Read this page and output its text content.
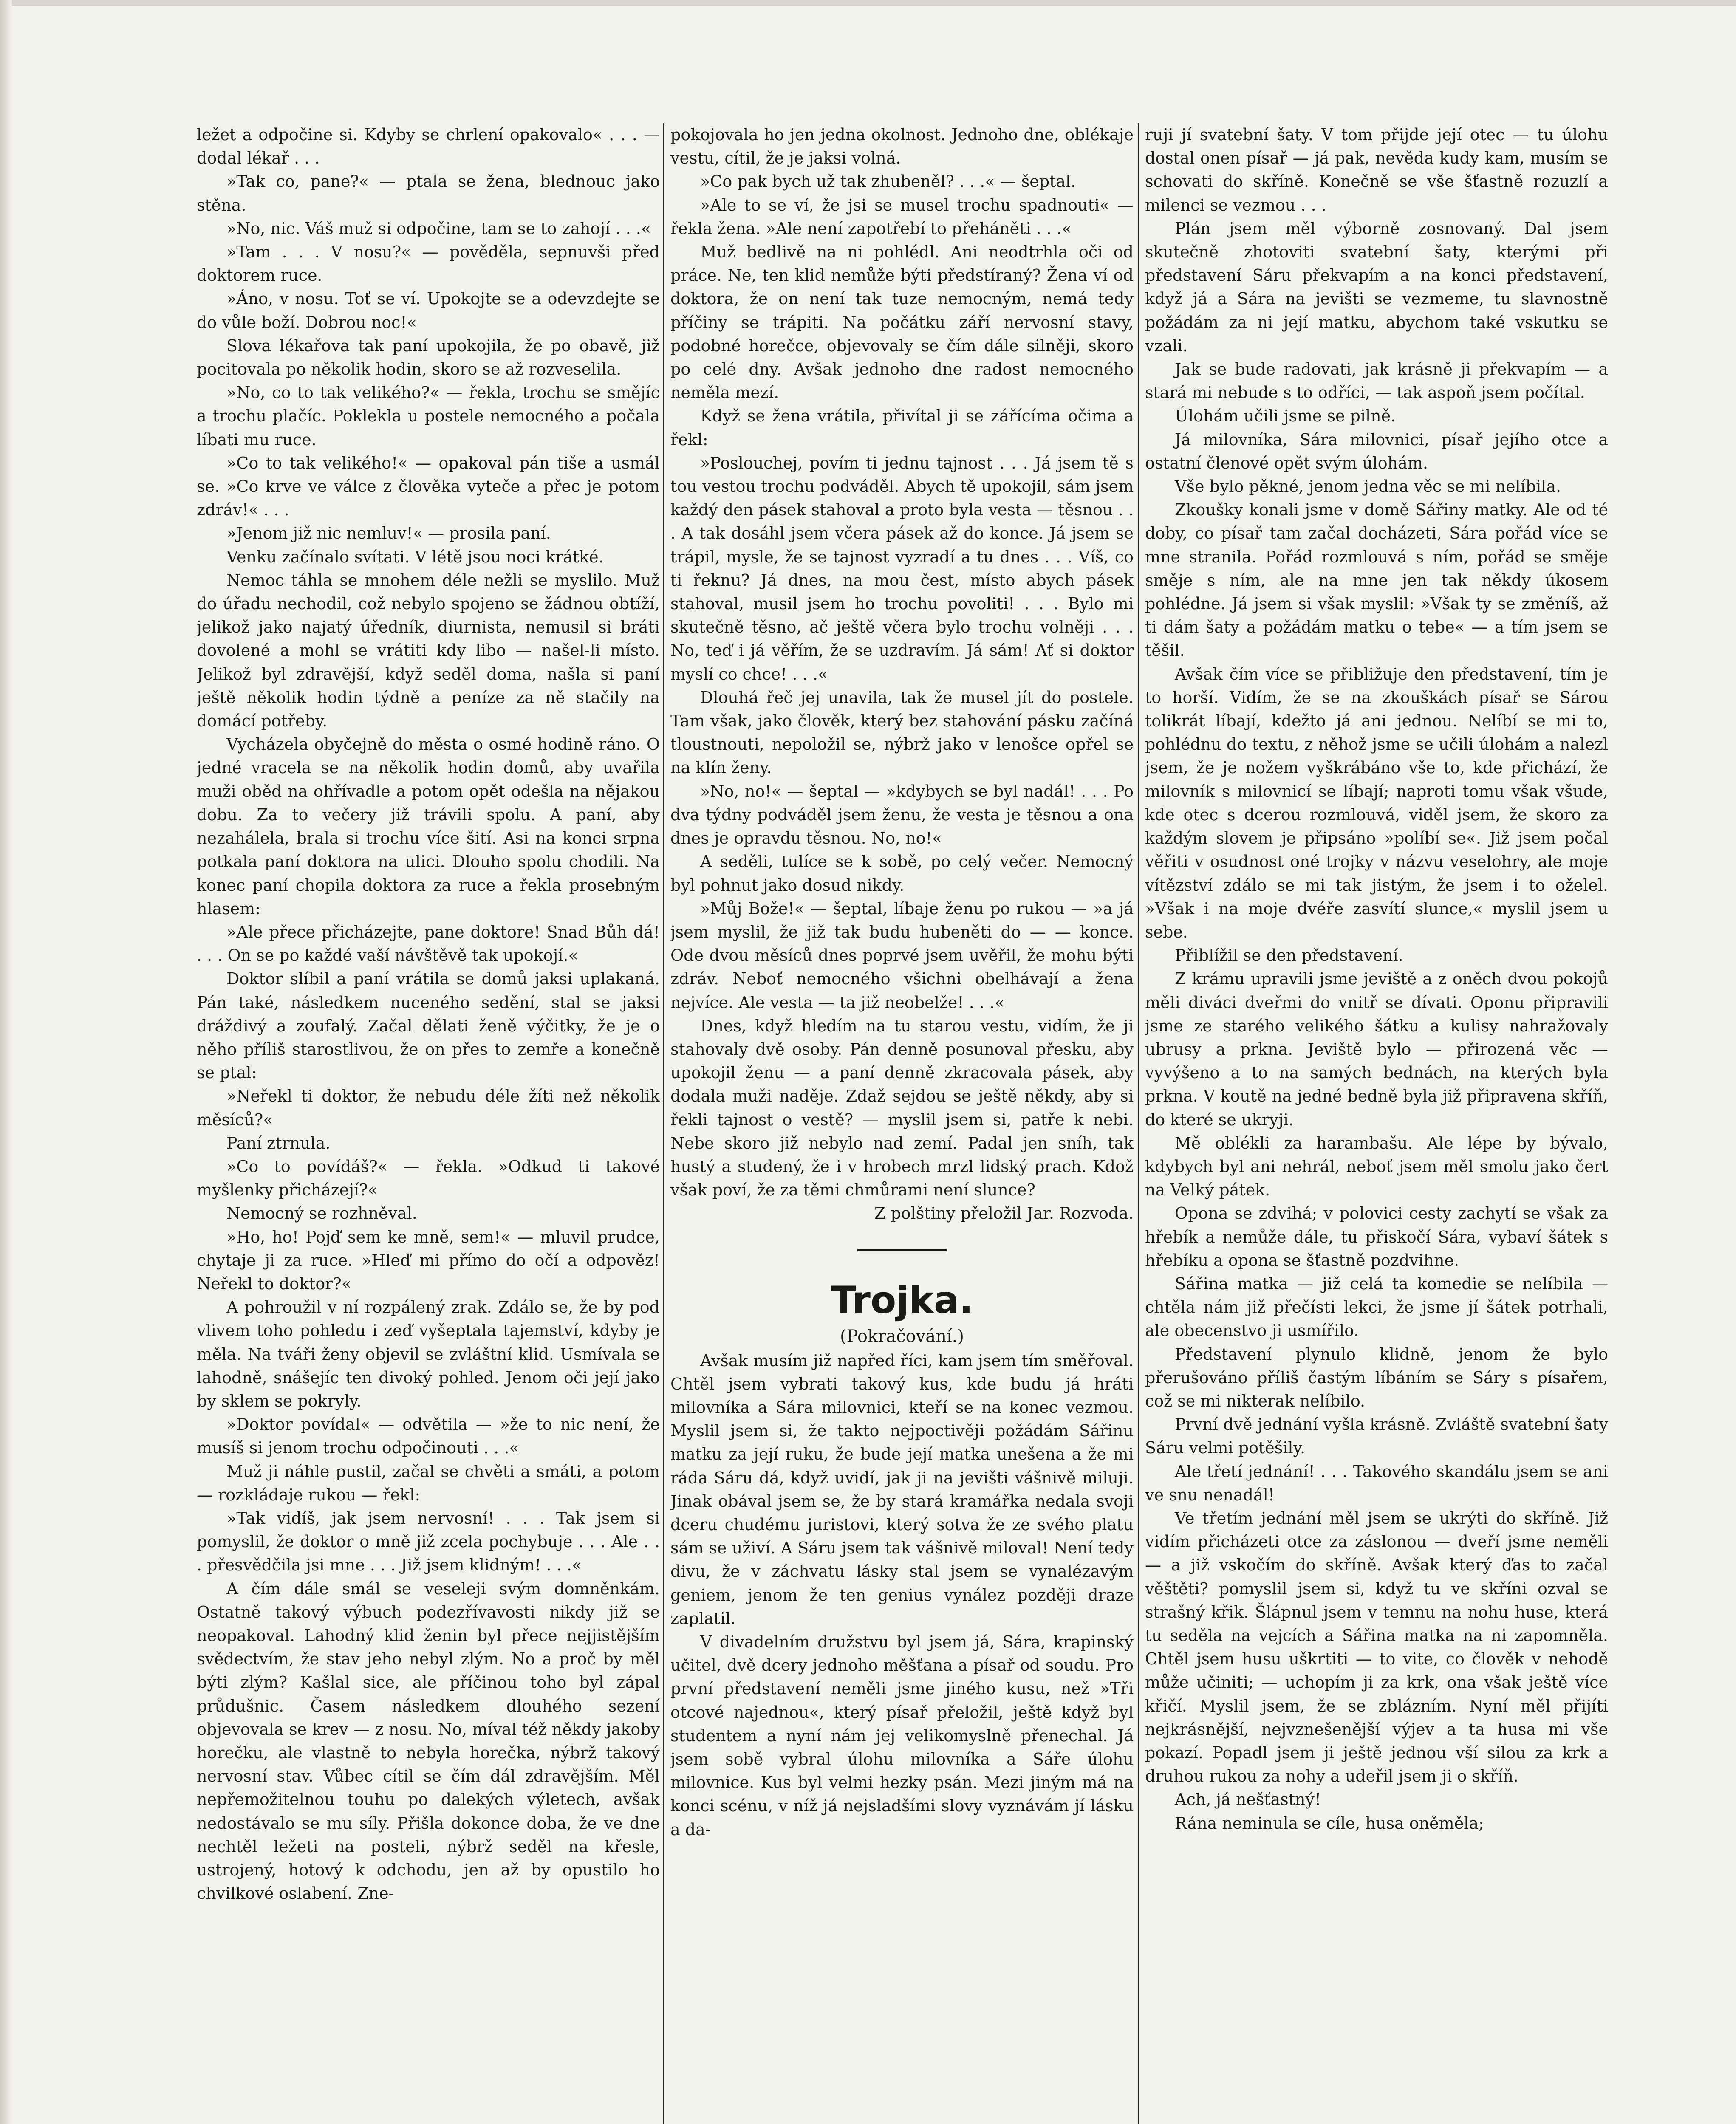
ležet a odpočine si. Kdyby se chrlení opakovalo« . . . — dodal lékař . . .

»Tak co, pane?« — ptala se žena, blednouc jako stěna.

»No, nic. Váš muž si odpočine, tam se to zahojí . . .«

»Tam . . . V nosu?« — pověděla, sepnuvši před doktorem ruce.

»Áno, v nosu. Toť se ví. Upokojte se a odevzdejte se do vůle boží. Dobrou noc!«

Slova lékařova tak paní upokojila, že po obavě, již pocitovala po několik hodin, skoro se až rozveselila.

»No, co to tak velikého?« — řekla, trochu se smějíc a trochu plačíc. Poklekla u postele nemocného a počala líbati mu ruce.

»Co to tak velikého!« — opakoval pán tiše a usmál se. »Co krve ve válce z člověka vyteče a přec je potom zdráv!« . . .

»Jenom již nic nemluv!« — prosila paní.

Venku začínalo svítati. V létě jsou noci krátké.

Nemoc táhla se mnohem déle nežli se myslilo. Muž do úřadu nechodil, což nebylo spojeno se žádnou obtíží, jelikož jako najatý úředník, diurnista, nemusil si bráti dovolené a mohl se vrátiti kdy libo — našel-li místo. Jelikož byl zdravější, když seděl doma, našla si paní ještě několik hodin týdně a peníze za ně stačily na domácí potřeby.

Vycházela obyčejně do města o osmé hodině ráno. O jedné vracela se na několik hodin domů, aby uvařila muži oběd na ohřívadle a potom opět odešla na nějakou dobu. Za to večery již trávili spolu. A paní, aby nezahálela, brala si trochu více šití. Asi na konci srpna potkala paní doktora na ulici. Dlouho spolu chodili. Na konec paní chopila doktora za ruce a řekla prosebným hlasem:

»Ale přece přicházejte, pane doktore! Snad Bůh dá! . . . On se po každé vaší návštěvě tak upokojí.«

Doktor slíbil a paní vrátila se domů jaksi uplakaná. Pán také, následkem nuceného sedění, stal se jaksi dráždivý a zoufalý. Začal dělati ženě výčitky, že je o něho příliš starostlivou, že on přes to zemře a konečně se ptal:

»Neřekl ti doktor, že nebudu déle žíti než několik měsíců?«

Paní ztrnula.

»Co to povídáš?« — řekla. »Odkud ti takové myšlenky přicházejí?«

Nemocný se rozhněval.

»Ho, ho! Pojď sem ke mně, sem!« — mluvil prudce, chytaje ji za ruce. »Hleď mi přímo do očí a odpověz! Neřekl to doktor?«

A pohroužil v ní rozpálený zrak. Zdálo se, že by pod vlivem toho pohledu i zeď vyšeptala tajemství, kdyby je měla. Na tváři ženy objevil se zvláštní klid. Usmívala se lahodně, snášejíc ten divoký pohled. Jenom oči její jako by sklem se pokryly.

»Doktor povídal« — odvětila — »že to nic není, že musíš si jenom trochu odpočinouti . . .«

Muž ji náhle pustil, začal se chvěti a smáti, a potom — rozkládaje rukou — řekl:

»Tak vidíš, jak jsem nervosní! . . . Tak jsem si pomyslil, že doktor o mně již zcela pochybuje . . . Ale . . . přesvědčila jsi mne . . . Již jsem klidným! . . .«

A čím dále smál se veseleji svým domněnkám. Ostatně takový výbuch podezřívavosti nikdy již se neopakoval. Lahodný klid ženin byl přece nejjistějším svědectvím, že stav jeho nebyl zlým. No a proč by měl býti zlým? Kašlal sice, ale příčinou toho byl zápal průdušnic. Časem následkem dlouhého sezení objevovala se krev — z nosu. No, míval též někdy jakoby horečku, ale vlastně to nebyla horečka, nýbrž takový nervosní stav. Vůbec cítil se čím dál zdravějším. Měl nepřemožitelnou touhu po dalekých výletech, avšak nedostávalo se mu síly. Přišla dokonce doba, že ve dne nechtěl ležeti na posteli, nýbrž seděl na křesle, ustrojený, hotový k odchodu, jen až by opustilo ho chvilkové oslabení. Zne-

pokojovala ho jen jedna okolnost. Jednoho dne, oblékaje vestu, cítil, že je jaksi volná.

»Co pak bych už tak zhubeněl? . . .« — šeptal.

»Ale to se ví, že jsi se musel trochu spadnouti« — řekla žena. »Ale není zapotřebí to přeháněti . . .«

Muž bedlivě na ni pohlédl. Ani neodtrhla oči od práce. Ne, ten klid nemůže býti předstíraný? Žena ví od doktora, že on není tak tuze nemocným, nemá tedy příčiny se trápiti. Na počátku září nervosní stavy, podobné horečce, objevovaly se čím dále silněji, skoro po celé dny. Avšak jednoho dne radost nemocného neměla mezí.

Když se žena vrátila, přivítal ji se zářícíma očima a řekl:

»Poslouchej, povím ti jednu tajnost . . . Já jsem tě s tou vestou trochu podváděl. Abych tě upokojil, sám jsem každý den pásek stahoval a proto byla vesta — těsnou . . . A tak dosáhl jsem včera pásek až do konce. Já jsem se trápil, mysle, že se tajnost vyzradí a tu dnes . . . Víš, co ti řeknu? Já dnes, na mou čest, místo abych pásek stahoval, musil jsem ho trochu povoliti! . . . Bylo mi skutečně těsno, ač ještě včera bylo trochu volněji . . . No, teď i já věřím, že se uzdravím. Já sám! Ať si doktor myslí co chce! . . .«

Dlouhá řeč jej unavila, tak že musel jít do postele. Tam však, jako člověk, který bez stahování pásku začíná tloustnouti, nepoložil se, nýbrž jako v lenošce opřel se na klín ženy.

»No, no!« — šeptal — »kdybych se byl nadál! . . . Po dva týdny podváděl jsem ženu, že vesta je těsnou a ona dnes je opravdu těsnou. No, no!«

A seděli, tulíce se k sobě, po celý večer. Nemocný byl pohnut jako dosud nikdy.

»Můj Bože!« — šeptal, líbaje ženu po rukou — »a já jsem myslil, že již tak budu hubeněti do — — konce. Ode dvou měsíců dnes poprvé jsem uvěřil, že mohu býti zdráv. Neboť nemocného všichni obelhávají a žena nejvíce. Ale vesta — ta již neobelže! . . .«

Dnes, když hledím na tu starou vestu, vidím, že ji stahovaly dvě osoby. Pán denně posunoval přesku, aby upokojil ženu — a paní denně zkracovala pásek, aby dodala muži naděje. Zdaž sejdou se ještě někdy, aby si řekli tajnost o vestě? — myslil jsem si, patře k nebi. Nebe skoro již nebylo nad zemí. Padal jen sníh, tak hustý a studený, že i v hrobech mrzl lidský prach. Kdož však poví, že za těmi chmůrami není slunce?

Z polštiny přeložil Jar. Rozvoda.

Trojka.

(Pokračování.)

Avšak musím již napřed říci, kam jsem tím směřoval. Chtěl jsem vybrati takový kus, kde budu já hráti milovníka a Sára milovnici, kteří se na konec vezmou. Myslil jsem si, že takto nejpoctivěji požádám Sářinu matku za její ruku, že bude její matka unešena a že mi ráda Sáru dá, když uvidí, jak ji na jevišti vášnivě miluji. Jinak obával jsem se, že by stará kramářka nedala svoji dceru chudému juristovi, který sotva že ze svého platu sám se uživí. A Sáru jsem tak vášnivě miloval! Není tedy divu, že v záchvatu lásky stal jsem se vynalézavým geniem, jenom že ten genius vynález později draze zaplatil.

V divadelním družstvu byl jsem já, Sára, krapinský učitel, dvě dcery jednoho měšťana a písař od soudu. Pro první představení neměli jsme jiného kusu, než »Tři otcové najednou«, který písař přeložil, ještě když byl studentem a nyní nám jej velikomyslně přenechal. Já jsem sobě vybral úlohu milovníka a Sáře úlohu milovnice. Kus byl velmi hezky psán. Mezi jiným má na konci scénu, v níž já nejsladšími slovy vyznávám jí lásku a da-

ruji jí svatební šaty. V tom přijde její otec — tu úlohu dostal onen písař — já pak, nevěda kudy kam, musím se schovati do skříně. Konečně se vše šťastně rozuzlí a milenci se vezmou . . .

Plán jsem měl výborně zosnovaný. Dal jsem skutečně zhotoviti svatební šaty, kterými při představení Sáru překvapím a na konci představení, když já a Sára na jevišti se vezmeme, tu slavnostně požádám za ni její matku, abychom také vskutku se vzali.

Jak se bude radovati, jak krásně ji překvapím — a stará mi nebude s to odříci, — tak aspoň jsem počítal.

Úlohám učili jsme se pilně.

Já milovníka, Sára milovnici, písař jejího otce a ostatní členové opět svým úlohám.

Vše bylo pěkné, jenom jedna věc se mi nelíbila.

Zkoušky konali jsme v domě Sářiny matky. Ale od té doby, co písař tam začal docházeti, Sára pořád více se mne stranila. Pořád rozmlouvá s ním, pořád se směje směje s ním, ale na mne jen tak někdy úkosem pohlédne. Já jsem si však myslil: »Však ty se změníš, až ti dám šaty a požádám matku o tebe« — a tím jsem se těšil.

Avšak čím více se přibližuje den představení, tím je to horší. Vidím, že se na zkouškách písař se Sárou tolikrát líbají, kdežto já ani jednou. Nelíbí se mi to, pohlédnu do textu, z něhož jsme se učili úlohám a nalezl jsem, že je nožem vyškrábáno vše to, kde přichází, že milovník s milovnicí se líbají; naproti tomu však všude, kde otec s dcerou rozmlouvá, viděl jsem, že skoro za každým slovem je připsáno »políbí se«. Již jsem počal věřiti v osudnost oné trojky v názvu veselohry, ale moje vítězství zdálo se mi tak jistým, že jsem i to oželel. »Však i na moje dvéře zasvítí slunce,« myslil jsem u sebe.

Přiblížil se den představení.

Z krámu upravili jsme jeviště a z oněch dvou pokojů měli diváci dveřmi do vnitř se dívati. Oponu připravili jsme ze starého velikého šátku a kulisy nahražovaly ubrusy a prkna. Jeviště bylo — přirozená věc — vyvýšeno a to na samých bednách, na kterých byla prkna. V koutě na jedné bedně byla již připravena skříň, do které se ukryji.

Mě oblékli za harambašu. Ale lépe by bývalo, kdybych byl ani nehrál, neboť jsem měl smolu jako čert na Velký pátek.

Opona se zdvihá; v polovici cesty zachytí se však za hřebík a nemůže dále, tu přiskočí Sára, vybaví šátek s hřebíku a opona se šťastně pozdvihne.

Sářina matka — již celá ta komedie se nelíbila — chtěla nám již přečísti lekci, že jsme jí šátek potrhali, ale obecenstvo ji usmířilo.

Představení plynulo klidně, jenom že bylo přerušováno příliš častým líbáním se Sáry s písařem, což se mi nikterak nelíbilo.

První dvě jednání vyšla krásně. Zvláště svatební šaty Sáru velmi potěšily.

Ale třetí jednání! . . . Takového skandálu jsem se ani ve snu nenadál!

Ve třetím jednání měl jsem se ukrýti do skříně. Již vidím přicházeti otce za záslonou — dveří jsme neměli — a již vskočím do skříně. Avšak který ďas to začal věštěti? pomyslil jsem si, když tu ve skříni ozval se strašný křik. Šlápnul jsem v temnu na nohu huse, která tu seděla na vejcích a Sářina matka na ni zapomněla. Chtěl jsem husu uškrtiti — to vite, co člověk v nehodě může učiniti; — uchopím ji za krk, ona však ještě více křičí. Myslil jsem, že se zblázním. Nyní měl přijíti nejkrásnější, nejvznešenější výjev a ta husa mi vše pokazí. Popadl jsem ji ještě jednou vší silou za krk a druhou rukou za nohy a udeřil jsem ji o skříň.

Ach, já nešťastný!

Rána neminula se cíle, husa oněměla;
